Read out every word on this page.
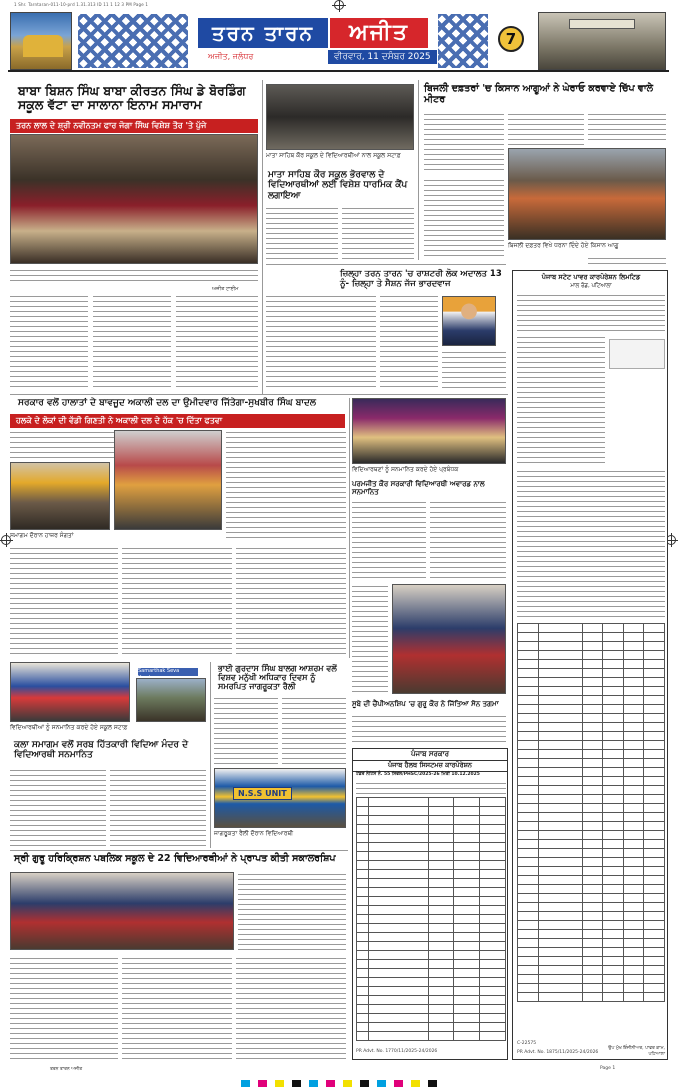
1 Shr. Tarntaran-011-10-prd 1.31.313 ID 11 1 12 3 PM Page 1
ਤਰਨ ਤਾਰਨ	ਅਜੀਤ
ਅਜੀਤ, ਜਲੰਧਰ	ਵੀਰਵਾਰ, 11 ਦਸੰਬਰ 2025
7
ਬਾਬਾ ਬਿਸ਼ਨ ਸਿੰਘ ਬਾਬਾ ਕੀਰਤਨ ਸਿੰਘ ਡੇ ਬੋਰਡਿੰਗ ਸਕੂਲ ਵੱਟਾ ਦਾ ਸਾਲਾਨਾ ਇਨਾਮ ਸਮਾਰਾਮ
ਤਰਨ ਲਾਲ ਦੇ ਸ਼੍ਰੀ ਨਵੀਨਤਮ ਫਾਰ ਜੋਗਾ ਸਿੰਘ ਵਿਸ਼ੇਸ਼ ਤੌਰ 'ਤੇ ਪੁੱਜੇ
ਅਜੀਤ ਟਾਈਮ
ਮਾਤਾ ਸਾਹਿਬ ਕੌਰ ਸਕੂਲ ਦੇ ਵਿਦਿਆਰਥੀਆਂ ਨਾਲ ਸਕੂਲ ਸਟਾਫ਼
ਮਾਤਾ ਸਾਹਿਬ ਕੌਰ ਸਕੂਲ ਭੋਰਵਾਲ ਦੇ ਵਿਦਿਆਰਥੀਆਂ ਲਈ ਵਿਸ਼ੇਸ਼ ਧਾਰਮਿਕ ਕੈਂਪ ਲਗਾਇਆ
ਬਿਜਲੀ ਦਫ਼ਤਰਾਂ 'ਚ ਕਿਸਾਨ ਆਗੂਆਂ ਨੇ ਘੇਰਾਓ ਕਰਵਾਏ ਚਿੱਪ ਵਾਲੇ ਮੀਟਰ
ਬਿਜਲੀ ਦਫ਼ਤਰ ਵਿਖੇ ਧਰਨਾ ਦਿੰਦੇ ਹੋਏ ਕਿਸਾਨ ਆਗੂ
ਜ਼ਿਲ੍ਹਾ ਤਰਨ ਤਾਰਨ 'ਚ ਰਾਸ਼ਟਰੀ ਲੋਕ ਅਦਾਲਤ 13 ਨੂੰ- ਜ਼ਿਲ੍ਹਾ ਤੇ ਸੈਸ਼ਨ ਜੱਜ ਭਾਰਦਵਾਜ
ਪੰਜਾਬ ਸਟੇਟ ਪਾਵਰ ਕਾਰਪੋਰੇਸ਼ਨ ਲਿਮਟਿਡ
ਮਾਲ ਰੋਡ, ਪਟਿਆਲਾ

C-22575
PR Advt. No. 1875/11/2025-24/2026
ਉਪ ਮੁੱਖ ਇੰਜੀਨੀਅਰ, ਪਾਵਰ ਕਾਮ, ਪਟਿਆਲਾ
ਸਰਕਾਰ ਵਲੋਂ ਹਾਲਾਤਾਂ ਦੇ ਬਾਵਜੂਦ ਅਕਾਲੀ ਦਲ ਦਾ ਉਮੀਦਵਾਰ ਜਿੱਤੇਗਾ-ਸੁਖਬੀਰ ਸਿੰਘ ਬਾਦਲ
ਹਲਕੇ ਦੇ ਲੋਕਾਂ ਦੀ ਵੱਡੀ ਗਿਣਤੀ ਨੇ ਅਕਾਲੀ ਦਲ ਦੇ ਹੱਕ 'ਚ ਦਿੱਤਾ ਫਤਵਾ
ਸਮਾਗਮ ਦੌਰਾਨ ਹਾਜ਼ਰ ਸੰਗਤਾਂ
ਵਿਦਿਆਰਥਣਾਂ ਨੂੰ ਸਨਮਾਨਿਤ ਕਰਦੇ ਹੋਏ ਪ੍ਰਬੰਧਕ
ਪਰਮਜੀਤ ਕੌਰ ਸਰਕਾਰੀ ਵਿਦਿਆਰਥੀ ਅਵਾਰਡ ਨਾਲ ਸਨਮਾਨਿਤ
Samarthak Seva
ਵਿਦਿਆਰਥੀਆਂ ਨੂੰ ਸਨਮਾਨਿਤ ਕਰਦੇ ਹੋਏ ਸਕੂਲ ਸਟਾਫ਼
ਕਲਾ ਸਮਾਗਮ ਵਲੋਂ ਸਰਬ ਹਿੱਤਕਾਰੀ ਵਿਦਿਆ ਮੰਦਰ ਦੇ ਵਿਦਿਆਰਥੀ ਸਨਮਾਨਿਤ
ਭਾਈ ਗੁਰਦਾਸ ਸਿੰਘ ਬਾਲਗ ਆਸ਼ਰਮ ਵਲੋਂ ਵਿਸ਼ਵ ਮਨੁੱਖੀ ਅਧਿਕਾਰ ਦਿਵਸ ਨੂੰ ਸਮਰਪਿਤ ਜਾਗਰੂਕਤਾ ਰੈਲੀ
N.S.S UNIT
ਜਾਗਰੂਕਤਾ ਰੈਲੀ ਦੌਰਾਨ ਵਿਦਿਆਰਥੀ
ਸੂਬੇ ਦੀ ਚੈਂਪੀਅਨਸ਼ਿਪ 'ਚ ਗੁਰੂ ਕੌਰ ਨੇ ਜਿੱਤਿਆ ਸੋਨ ਤਗਮਾ
ਪੰਜਾਬ ਸਰਕਾਰ
ਪੰਜਾਬ ਹੈਲਥ ਸਿਸਟਮਜ਼ ਕਾਰਪੋਰੇਸ਼ਨ
ਟੈਂਡਰ ਨੋਟਿਸ ਨੰ. 55 ਸਿਵਲ/PHSC/2025-26 ਮਿਤੀ 10.12.2025

PR Advt. No. 1770/11/2025-24/2026
ਸ੍ਰੀ ਗੁਰੂ ਹਰਿਕ੍ਰਿਸ਼ਨ ਪਬਲਿਕ ਸਕੂਲ ਦੇ 22 ਵਿਦਿਆਰਥੀਆਂ ਨੇ ਪ੍ਰਾਪਤ ਕੀਤੀ ਸਕਾਲਰਸ਼ਿਪ
ਤਰਨ ਤਾਰਨ ਅਜੀਤ	Page 1
